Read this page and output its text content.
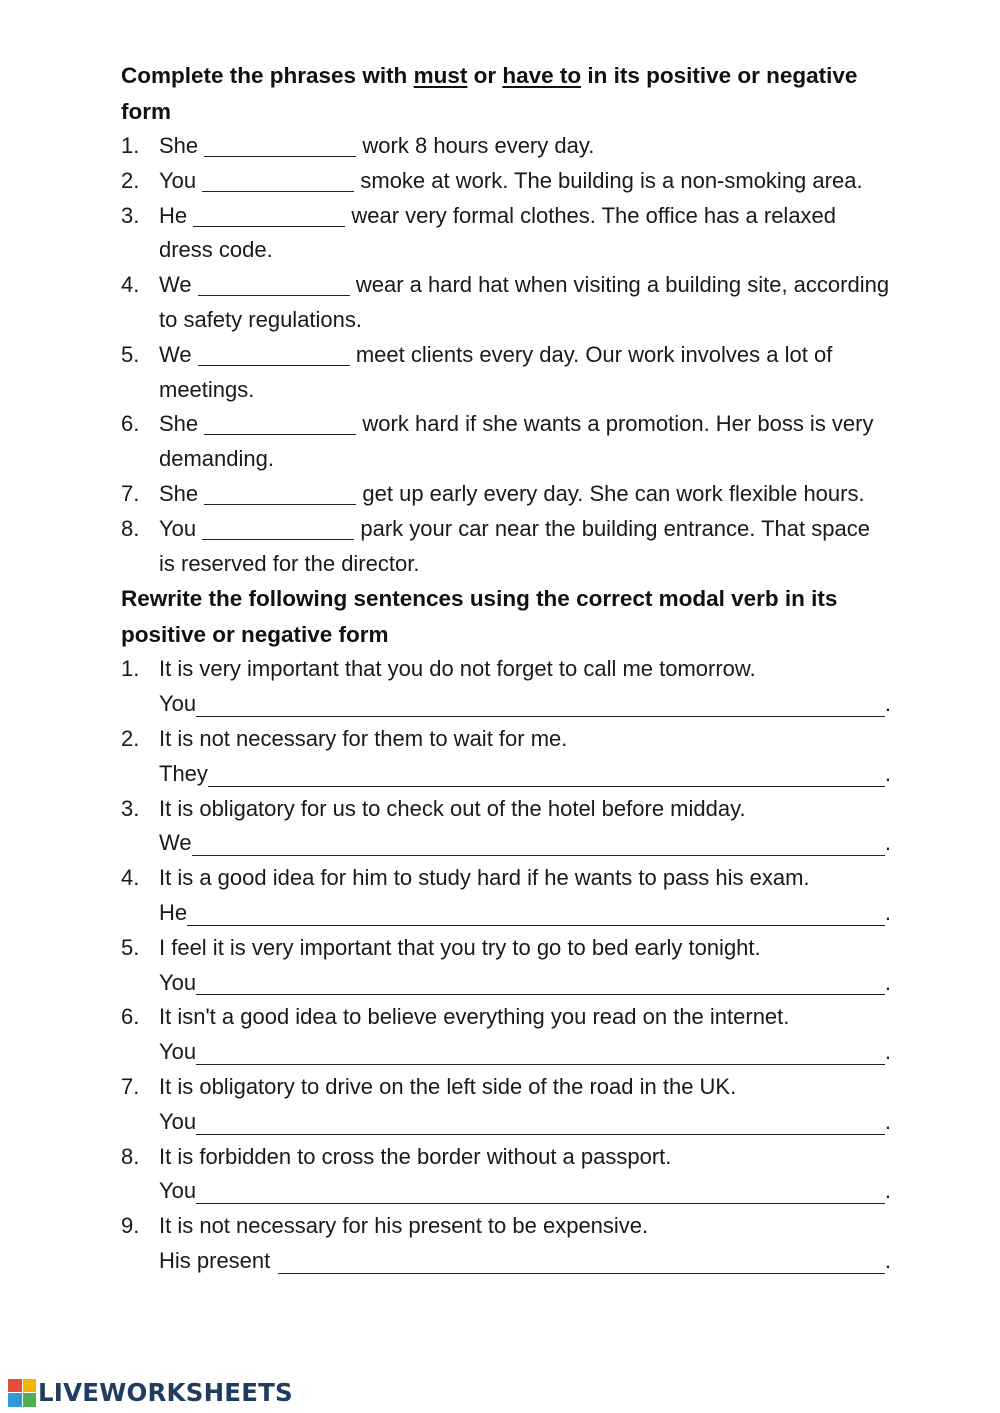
Complete the phrases with must or have to in its positive or negative form

1. She	work 8 hours every day.
2. You	smoke at work. The building is a non-smoking area.
3. He	wear very formal clothes. The office has a relaxed dress code.
4. We	wear a hard hat when visiting a building site, according to safety regulations.
5. We	meet clients every day. Our work involves a lot of meetings.
6. She	work hard if she wants a promotion. Her boss is very demanding.
7. She	get up early every day. She can work flexible hours.
8. You	park your car near the building entrance. That space is reserved for the director.

Rewrite the following sentences using the correct modal verb in its positive or negative form

1. It is very important that you do not forget to call me tomorrow.
You	.
2. It is not necessary for them to wait for me.
They	.
3. It is obligatory for us to check out of the hotel before midday.
We	.
4. It is a good idea for him to study hard if he wants to pass his exam.
He	.
5. I feel it is very important that you try to go to bed early tonight.
You	.
6. It isn't a good idea to believe everything you read on the internet.
You	.
7. It is obligatory to drive on the left side of the road in the UK.
You	.
8. It is forbidden to cross the border without a passport.
You	.
9. It is not necessary for his present to be expensive.
His present	.
LIVEWORKSHEETS
